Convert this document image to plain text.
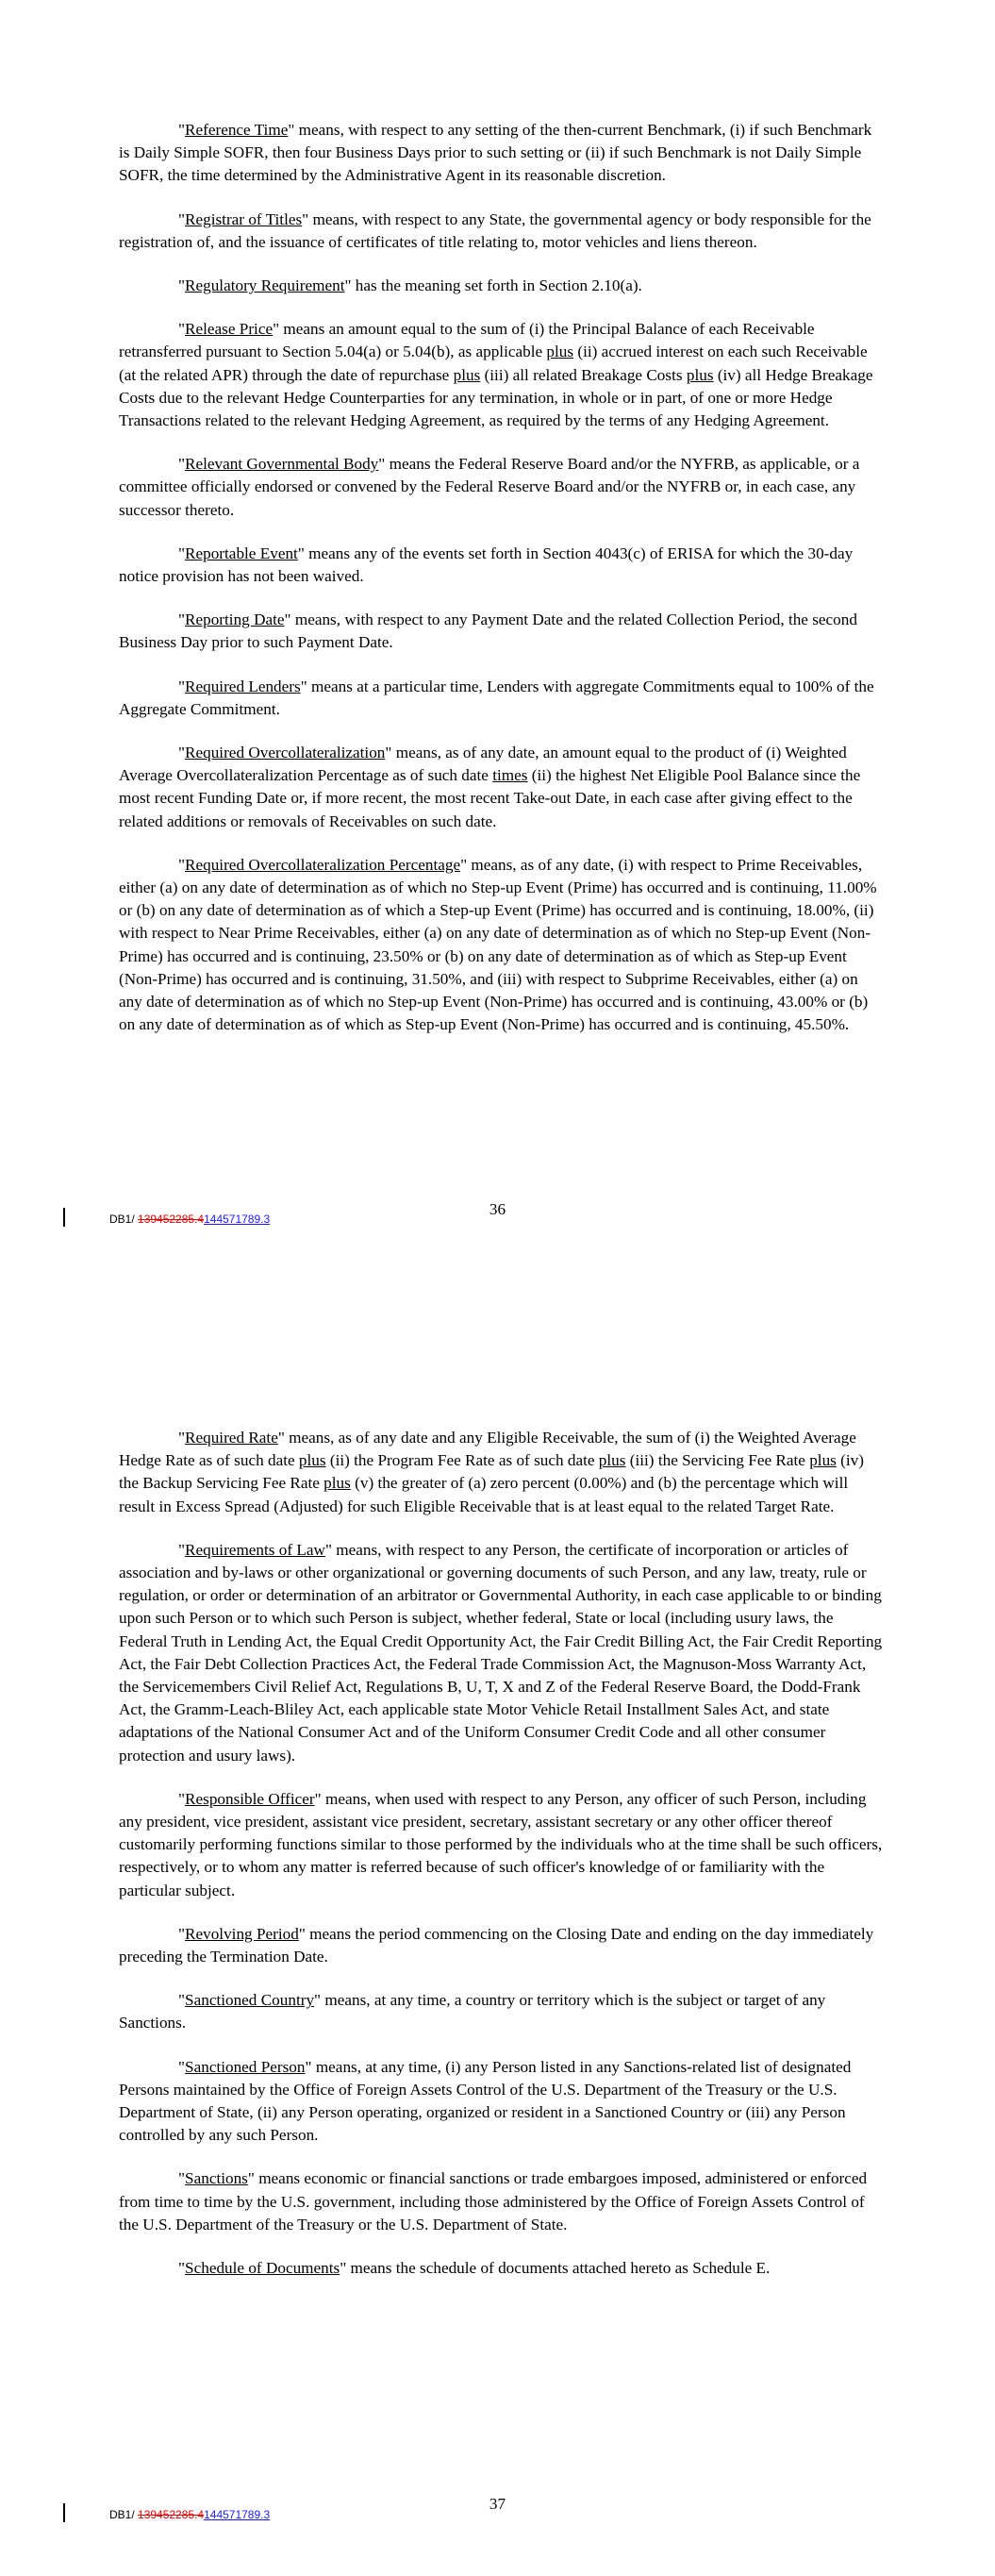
"Reference Time" means, with respect to any setting of the then-current Benchmark, (i) if such Benchmark is Daily Simple SOFR, then four Business Days prior to such setting or (ii) if such Benchmark is not Daily Simple SOFR, the time determined by the Administrative Agent in its reasonable discretion.

"Registrar of Titles" means, with respect to any State, the governmental agency or body responsible for the registration of, and the issuance of certificates of title relating to, motor vehicles and liens thereon.

"Regulatory Requirement" has the meaning set forth in Section 2.10(a).

"Release Price" means an amount equal to the sum of (i) the Principal Balance of each Receivable retransferred pursuant to Section 5.04(a) or 5.04(b), as applicable plus (ii) accrued interest on each such Receivable (at the related APR) through the date of repurchase plus (iii) all related Breakage Costs plus (iv) all Hedge Breakage Costs due to the relevant Hedge Counterparties for any termination, in whole or in part, of one or more Hedge Transactions related to the relevant Hedging Agreement, as required by the terms of any Hedging Agreement.

"Relevant Governmental Body" means the Federal Reserve Board and/or the NYFRB, as applicable, or a committee officially endorsed or convened by the Federal Reserve Board and/or the NYFRB or, in each case, any successor thereto.

"Reportable Event" means any of the events set forth in Section 4043(c) of ERISA for which the 30-day notice provision has not been waived.

"Reporting Date" means, with respect to any Payment Date and the related Collection Period, the second Business Day prior to such Payment Date.

"Required Lenders" means at a particular time, Lenders with aggregate Commitments equal to 100% of the Aggregate Commitment.

"Required Overcollateralization" means, as of any date, an amount equal to the product of (i) Weighted Average Overcollateralization Percentage as of such date times (ii) the highest Net Eligible Pool Balance since the most recent Funding Date or, if more recent, the most recent Take-out Date, in each case after giving effect to the related additions or removals of Receivables on such date.

"Required Overcollateralization Percentage" means, as of any date, (i) with respect to Prime Receivables, either (a) on any date of determination as of which no Step-up Event (Prime) has occurred and is continuing, 11.00% or (b) on any date of determination as of which a Step-up Event (Prime) has occurred and is continuing, 18.00%, (ii) with respect to Near Prime Receivables, either (a) on any date of determination as of which no Step-up Event (Non-Prime) has occurred and is continuing, 23.50% or (b) on any date of determination as of which as Step-up Event (Non-Prime) has occurred and is continuing, 31.50%, and (iii) with respect to Subprime Receivables, either (a) on any date of determination as of which no Step-up Event (Non-Prime) has occurred and is continuing, 43.00% or (b) on any date of determination as of which as Step-up Event (Non-Prime) has occurred and is continuing, 45.50%.

36
DB1/ 139452285.4144571789.3

"Required Rate" means, as of any date and any Eligible Receivable, the sum of (i) the Weighted Average Hedge Rate as of such date plus (ii) the Program Fee Rate as of such date plus (iii) the Servicing Fee Rate plus (iv) the Backup Servicing Fee Rate plus (v) the greater of (a) zero percent (0.00%) and (b) the percentage which will result in Excess Spread (Adjusted) for such Eligible Receivable that is at least equal to the related Target Rate.

"Requirements of Law" means, with respect to any Person, the certificate of incorporation or articles of association and by-laws or other organizational or governing documents of such Person, and any law, treaty, rule or regulation, or order or determination of an arbitrator or Governmental Authority, in each case applicable to or binding upon such Person or to which such Person is subject, whether federal, State or local (including usury laws, the Federal Truth in Lending Act, the Equal Credit Opportunity Act, the Fair Credit Billing Act, the Fair Credit Reporting Act, the Fair Debt Collection Practices Act, the Federal Trade Commission Act, the Magnuson-Moss Warranty Act, the Servicemembers Civil Relief Act, Regulations B, U, T, X and Z of the Federal Reserve Board, the Dodd-Frank Act, the Gramm-Leach-Bliley Act, each applicable state Motor Vehicle Retail Installment Sales Act, and state adaptations of the National Consumer Act and of the Uniform Consumer Credit Code and all other consumer protection and usury laws).

"Responsible Officer" means, when used with respect to any Person, any officer of such Person, including any president, vice president, assistant vice president, secretary, assistant secretary or any other officer thereof customarily performing functions similar to those performed by the individuals who at the time shall be such officers, respectively, or to whom any matter is referred because of such officer's knowledge of or familiarity with the particular subject.

"Revolving Period" means the period commencing on the Closing Date and ending on the day immediately preceding the Termination Date.

"Sanctioned Country" means, at any time, a country or territory which is the subject or target of any Sanctions.

"Sanctioned Person" means, at any time, (i) any Person listed in any Sanctions-related list of designated Persons maintained by the Office of Foreign Assets Control of the U.S. Department of the Treasury or the U.S. Department of State, (ii) any Person operating, organized or resident in a Sanctioned Country or (iii) any Person controlled by any such Person.

"Sanctions" means economic or financial sanctions or trade embargoes imposed, administered or enforced from time to time by the U.S. government, including those administered by the Office of Foreign Assets Control of the U.S. Department of the Treasury or the U.S. Department of State.

"Schedule of Documents" means the schedule of documents attached hereto as Schedule E.

37
DB1/ 139452285.4144571789.3
